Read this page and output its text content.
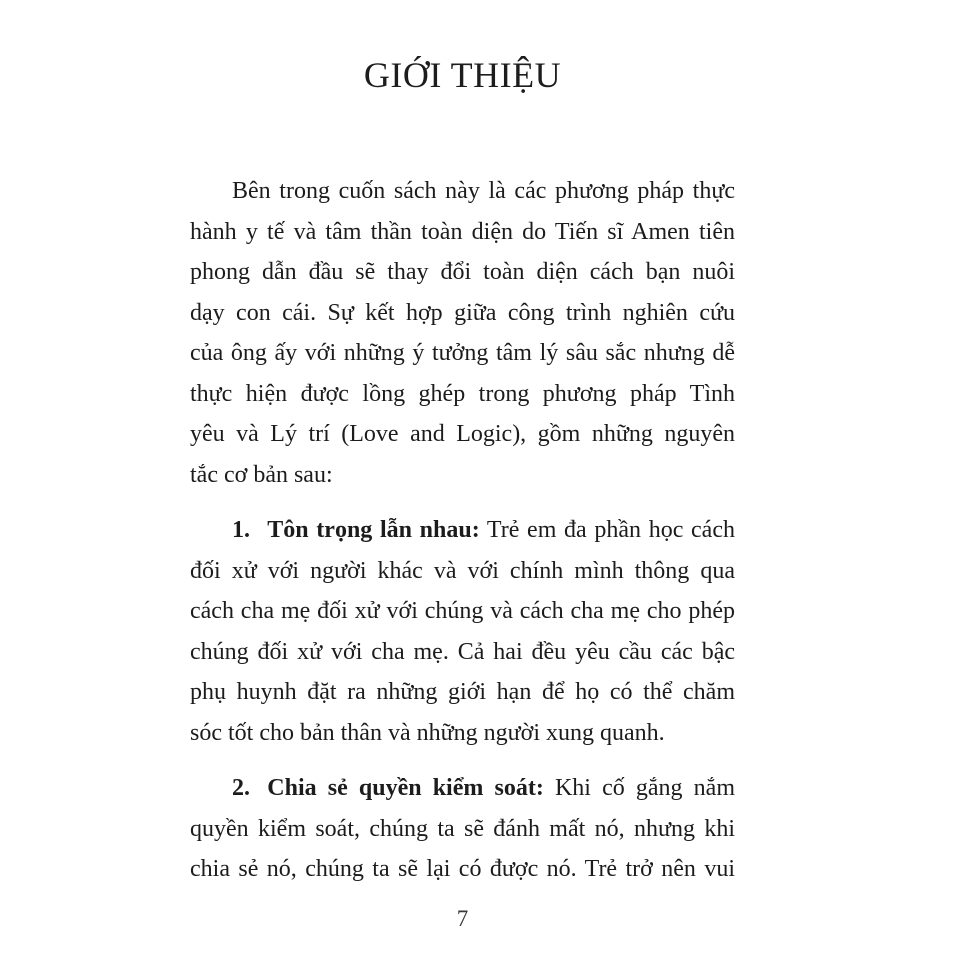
GIỚI THIỆU
Bên trong cuốn sách này là các phương pháp thực
hành y tế và tâm thần toàn diện do Tiến sĩ Amen tiên
phong dẫn đầu sẽ thay đổi toàn diện cách bạn nuôi
dạy con cái. Sự kết hợp giữa công trình nghiên cứu
của ông ấy với những ý tưởng tâm lý sâu sắc nhưng dễ
thực hiện được lồng ghép trong phương pháp Tình
yêu và Lý trí (Love and Logic), gồm những nguyên
tắc cơ bản sau:
1. Tôn trọng lẫn nhau: Trẻ em đa phần học cách
đối xử với người khác và với chính mình thông qua
cách cha mẹ đối xử với chúng và cách cha mẹ cho phép
chúng đối xử với cha mẹ. Cả hai đều yêu cầu các bậc
phụ huynh đặt ra những giới hạn để họ có thể chăm
sóc tốt cho bản thân và những người xung quanh.
2. Chia sẻ quyền kiểm soát: Khi cố gắng nắm
quyền kiểm soát, chúng ta sẽ đánh mất nó, nhưng khi
chia sẻ nó, chúng ta sẽ lại có được nó. Trẻ trở nên vui
7
